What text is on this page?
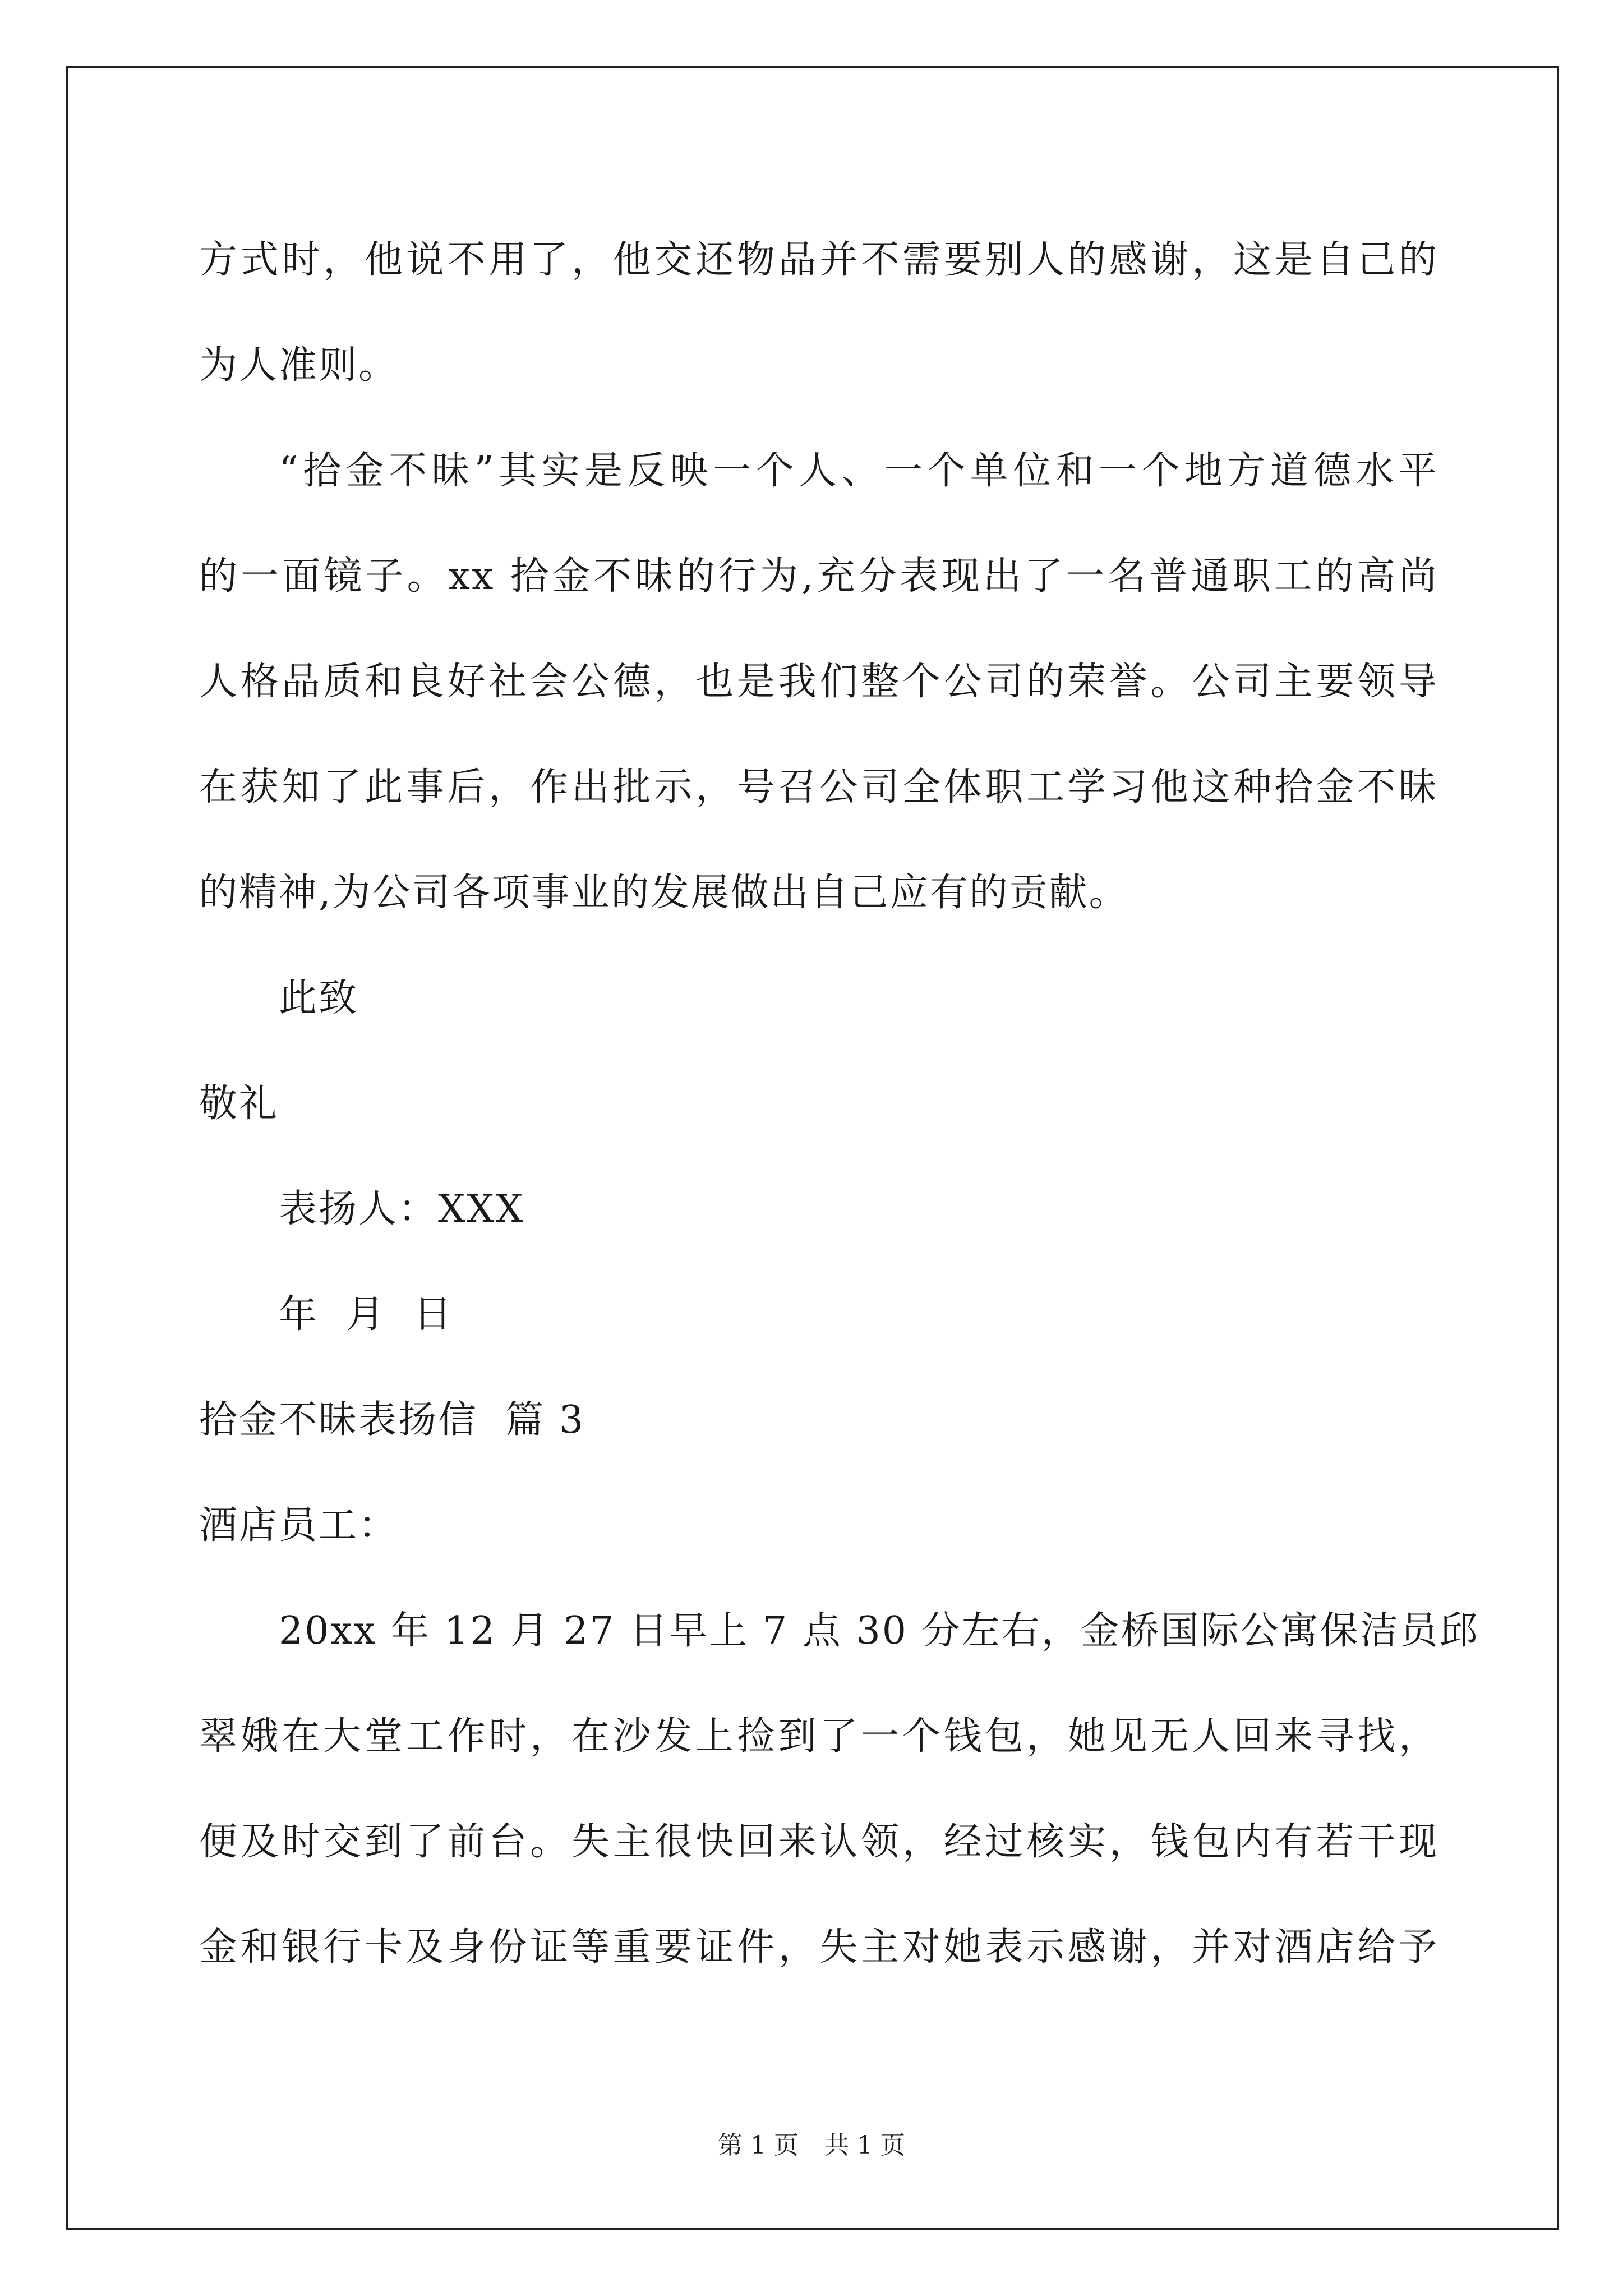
方式时，他说不用了，他交还物品并不需要别人的感谢，这是自己的
为人准则。
“拾金不昧”其实是反映一个人、一个单位和一个地方道德水平
的一面镜子。xx 拾金不昧的行为,充分表现出了一名普通职工的高尚
人格品质和良好社会公德，也是我们整个公司的荣誉。公司主要领导
在获知了此事后，作出批示，号召公司全体职工学习他这种拾金不昧
的精神,为公司各项事业的发展做出自己应有的贡献。
此致
敬礼
表扬人：XXX
年  月  日
拾金不昧表扬信  篇 3
酒店员工：
20xx 年 12 月 27 日早上 7 点 30 分左右，金桥国际公寓保洁员邱
翠娥在大堂工作时，在沙发上捡到了一个钱包，她见无人回来寻找，
便及时交到了前台。失主很快回来认领，经过核实，钱包内有若干现
金和银行卡及身份证等重要证件，失主对她表示感谢，并对酒店给予
第 1 页 共 1 页
